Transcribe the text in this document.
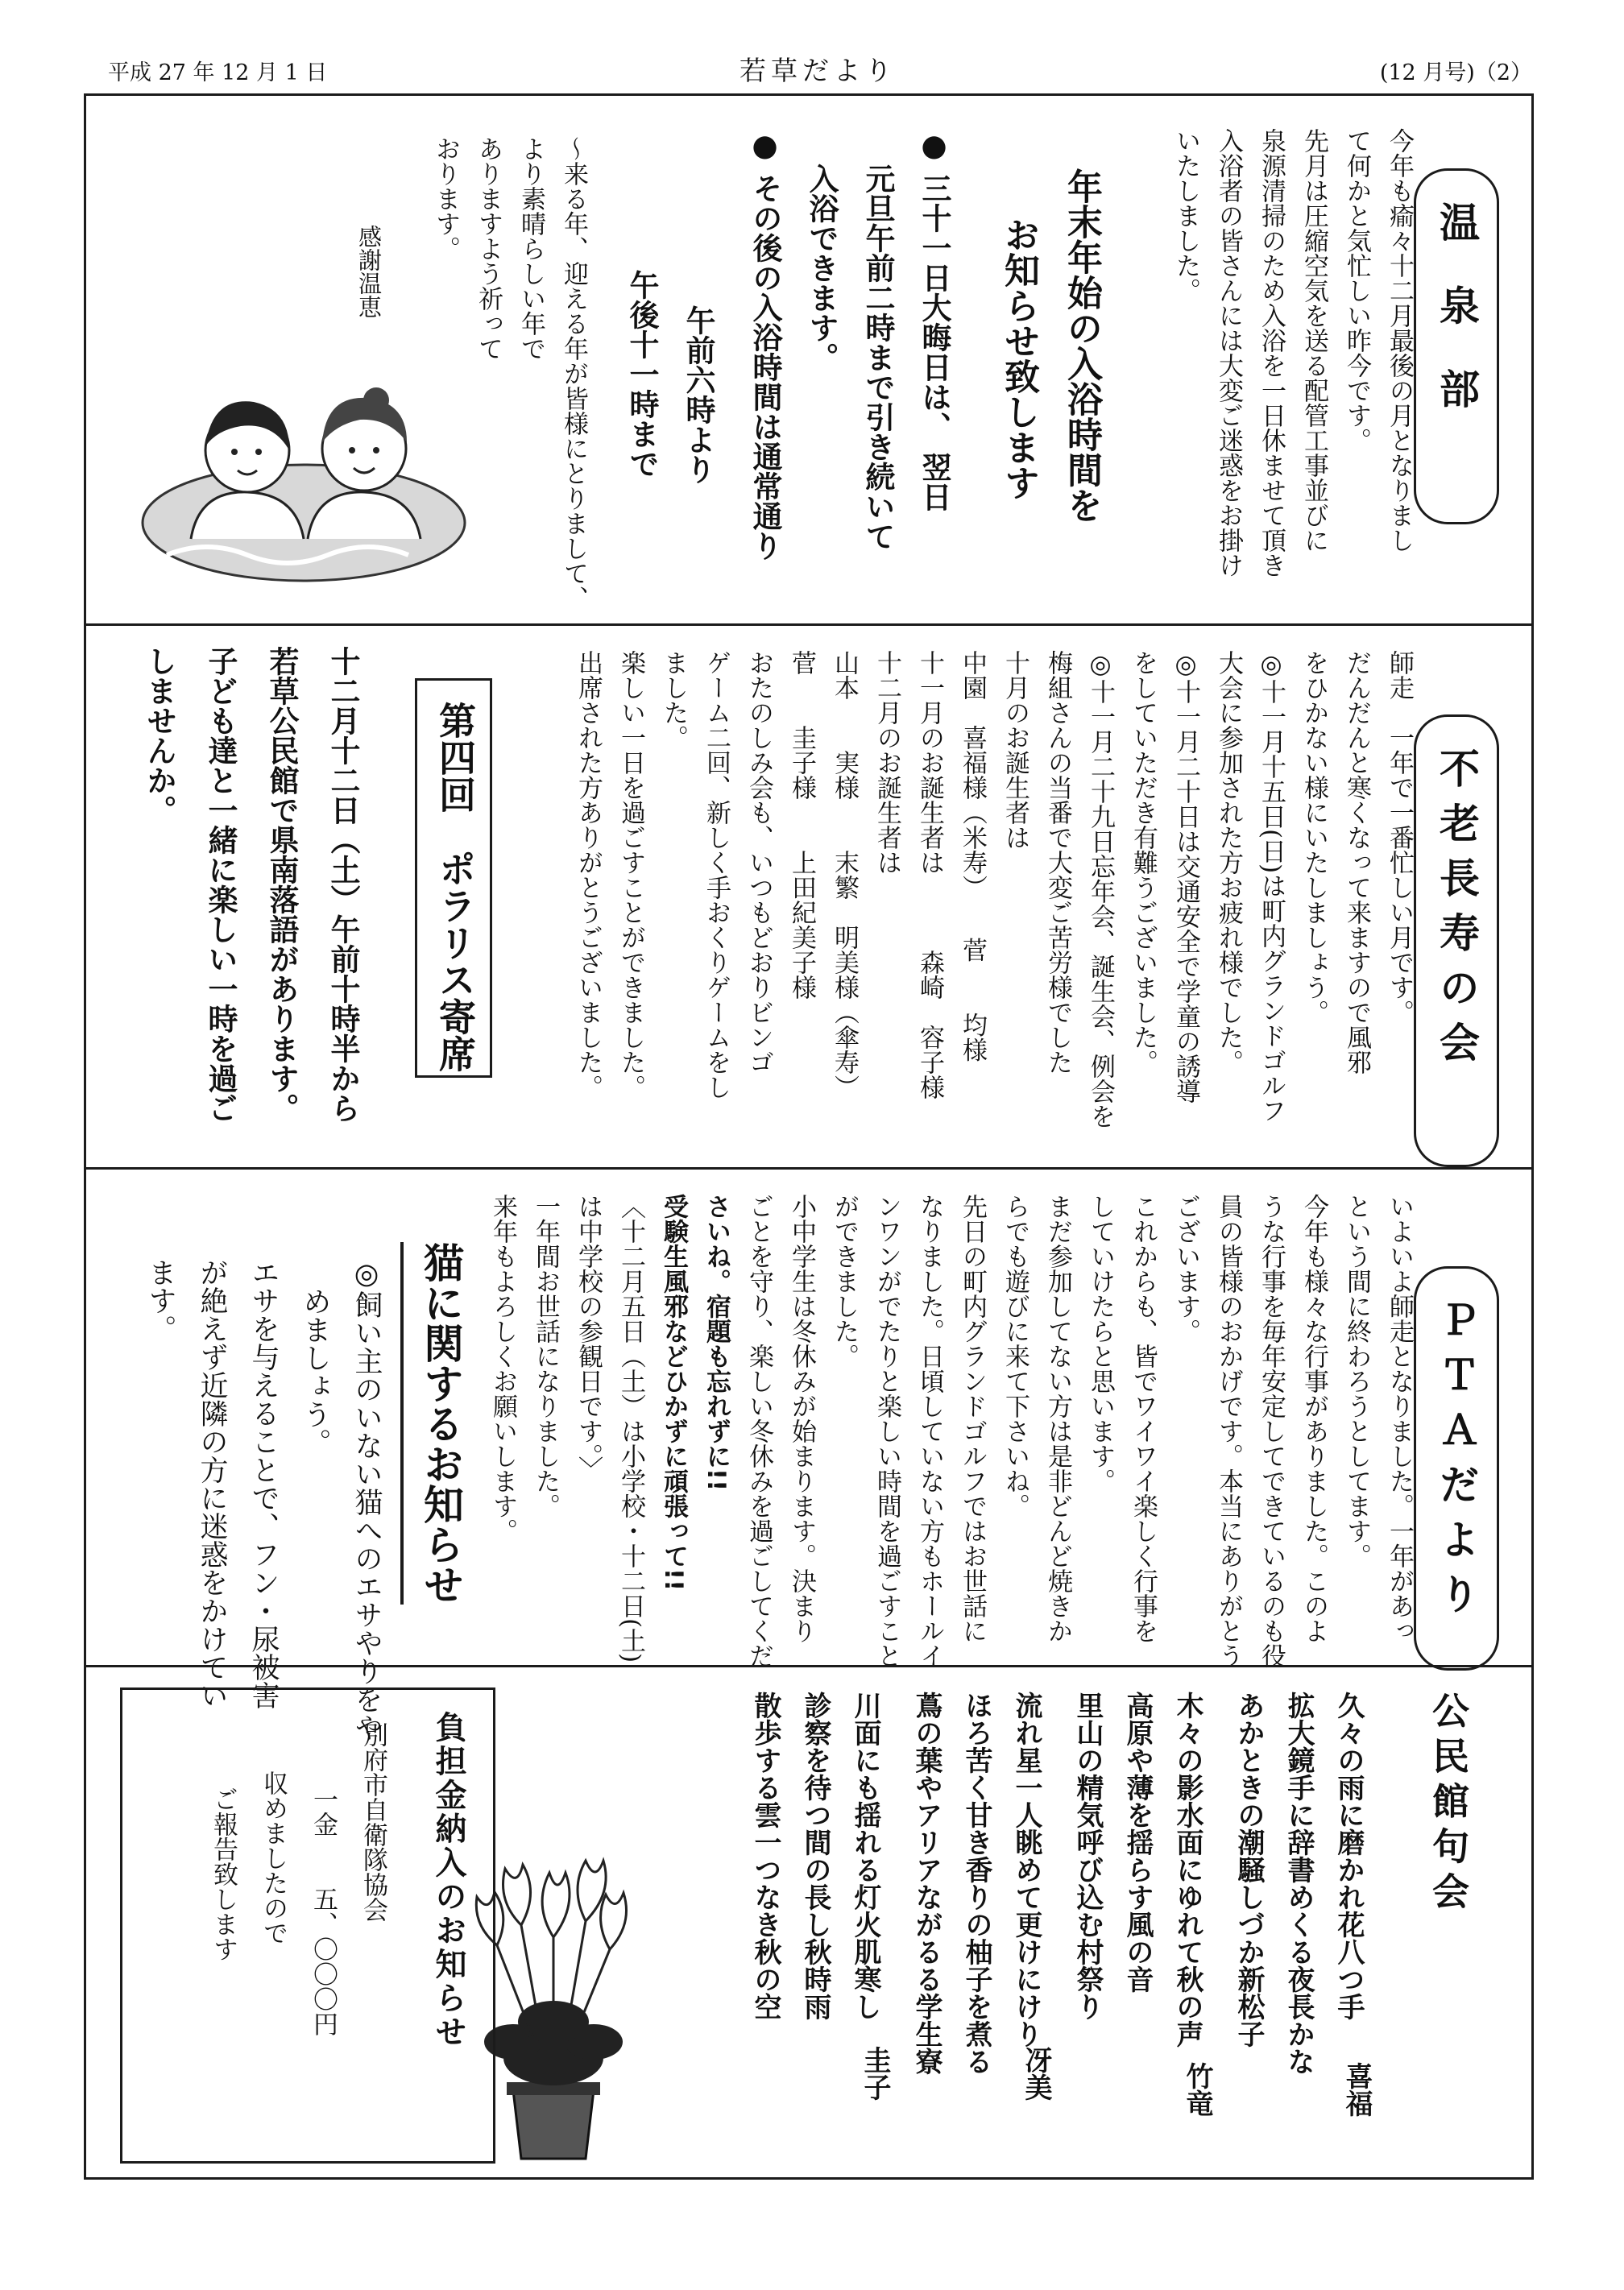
平成 27 年 12 月 1 日	若草だより	(12 月号)（2）
温 泉 部
今年も瘉々十二月最後の月となりまし
て何かと気忙しい昨今です。
先月は圧縮空気を送る配管工事並びに
泉源清掃のため入浴を一日休ませて頂き
入浴者の皆さんには大変ご迷惑をお掛け
いたしました。
年末年始の入浴時間を
お知らせ致します
● 三十一日大晦日は、 翌日
元旦午前二時まで引き続いて
入浴できます。
● その後の入浴時間は通常通り
午前六時より
午後十一時まで
～来る年、迎える年が皆様にとりまして、
より素晴らしい年で
ありますよう祈って
おります。
感謝温恵
不老長寿の会
師走　一年で一番忙しい月です。
だんだんと寒くなって来ますので風邪
をひかない様にいたしましょう。
◎十一月十五日(日)は町内グランドゴルフ
大会に参加された方お疲れ様でした。
◎十一月二十日は交通安全で学童の誘導
をしていただき有難うございました。
◎十一月二十九日忘年会、誕生会、例会を
梅組さんの当番で大変ご苦労様でした
十月のお誕生者は
中園　喜福様（米寿）　　菅　　均様
十一月のお誕生者は　　　森崎　容子様
十二月のお誕生者は
山本　　実様　　末繁　明美様（傘寿）
菅　　圭子様　　上田紀美子様
おたのしみ会も、いつもどおりビンゴ
ゲーム二回、新しく手おくりゲームをし
ました。
楽しい一日を過ごすことができました。
出席された方ありがとうございました。
第四回　ポラリス寄席
十二月十二日（土）午前十時半から
若草公民館で県南落語があります。
子ども達と一緒に楽しい一時を過ご
しませんか。
ＰＴＡだより
いよいよ師走となりました。一年があっ
という間に終わろうとしてます。
今年も様々な行事がありました。このよ
うな行事を毎年安定してできているのも役
員の皆様のおかげです。本当にありがとう
ございます。
これからも、皆でワイワイ楽しく行事を
していけたらと思います。
まだ参加してない方は是非どんど焼きか
らでも遊びに来て下さいね。
先日の町内グランドゴルフではお世話に
なりました。日頃していない方もホールイ
ンワンがでたりと楽しい時間を過ごすこと
ができました。
小中学生は冬休みが始まります。決まり
ごとを守り、楽しい冬休みを過ごしてくだ
さいね。宿題も忘れずに!!
受験生風邪などひかずに頑張って!!
〈十二月五日（土）は小学校・十二日(土)
は中学校の参観日です。〉
一年間お世話になりました。
来年もよろしくお願いします。
猫に関するお知らせ
◎飼い主のいない猫へのエサやりをや
めましょう。
エサを与えることで、フン・尿被害
が絶えず近隣の方に迷惑をかけてい
ます。
公民館句会
久々の雨に磨かれ花八つ手
拡大鏡手に辞書めくる夜長かな
あかときの潮騒しづか新松子
喜福
木々の影水面にゆれて秋の声
高原や薄を揺らす風の音
里山の精気呼び込む村祭り
竹竜
流れ星一人眺めて更けにけり
ほろ苦く甘き香りの柚子を煮る
蔦の葉やアリアながるる学生寮	冴美
川面にも揺れる灯火肌寒し
診察を待つ間の長し秋時雨
散歩する雲一つなき秋の空
圭子
負担金納入のお知らせ
別府市自衛隊協会
一金　　五、〇〇〇円
収めましたので
ご報告致します
